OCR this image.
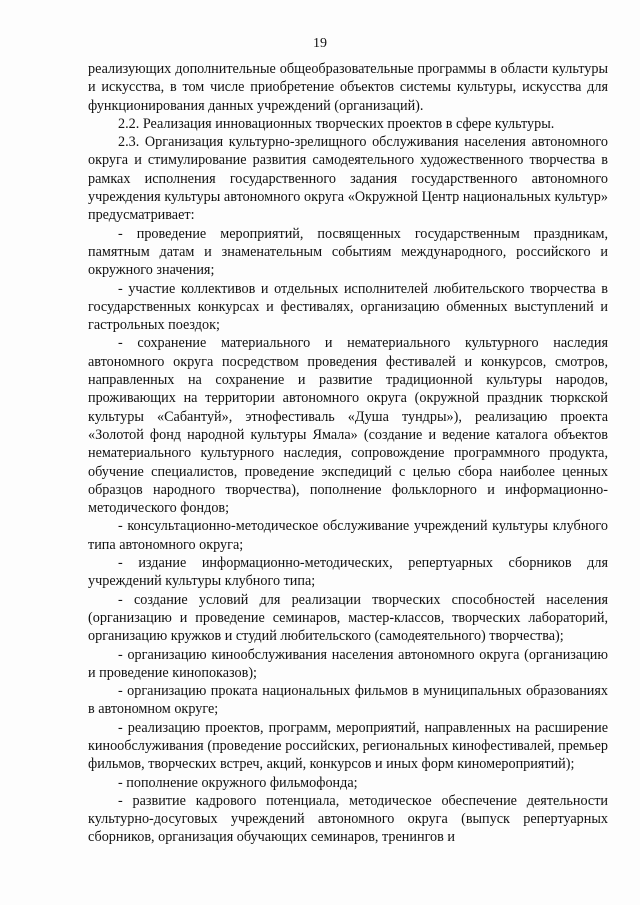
19

реализующих дополнительные общеобразовательные программы в области культуры и искусства, в том числе приобретение объектов системы культуры, искусства для функционирования данных учреждений (организаций).

2.2. Реализация инновационных творческих проектов в сфере культуры.

2.3. Организация культурно-зрелищного обслуживания населения автономного округа и стимулирование развития самодеятельного художественного творчества в рамках исполнения государственного задания государственного автономного учреждения культуры автономного округа «Окружной Центр национальных культур» предусматривает:

- проведение мероприятий, посвященных государственным праздникам, памятным датам и знаменательным событиям международного, российского и окружного значения;

- участие коллективов и отдельных исполнителей любительского творчества в государственных конкурсах и фестивалях, организацию обменных выступлений и гастрольных поездок;

- сохранение материального и нематериального культурного наследия автономного округа посредством проведения фестивалей и конкурсов, смотров, направленных на сохранение и развитие традиционной культуры народов, проживающих на территории автономного округа (окружной праздник тюркской культуры «Сабантуй», этнофестиваль «Душа тундры»), реализацию проекта «Золотой фонд народной культуры Ямала» (создание и ведение каталога объектов нематериального культурного наследия, сопровождение программного продукта, обучение специалистов, проведение экспедиций с целью сбора наиболее ценных образцов народного творчества), пополнение фольклорного и информационно-методического фондов;

- консультационно-методическое обслуживание учреждений культуры клубного типа автономного округа;

- издание информационно-методических, репертуарных сборников для учреждений культуры клубного типа;

- создание условий для реализации творческих способностей населения (организацию и проведение семинаров, мастер-классов, творческих лабораторий, организацию кружков и студий любительского (самодеятельного) творчества);

- организацию кинообслуживания населения автономного округа (организацию и проведение кинопоказов);

- организацию проката национальных фильмов в муниципальных образованиях в автономном округе;

- реализацию проектов, программ, мероприятий, направленных на расширение кинообслуживания (проведение российских, региональных кинофестивалей, премьер фильмов, творческих встреч, акций, конкурсов и иных форм киномероприятий);

- пополнение окружного фильмофонда;

- развитие кадрового потенциала, методическое обеспечение деятельности культурно-досуговых учреждений автономного округа (выпуск репертуарных сборников, организация обучающих семинаров, тренингов и
